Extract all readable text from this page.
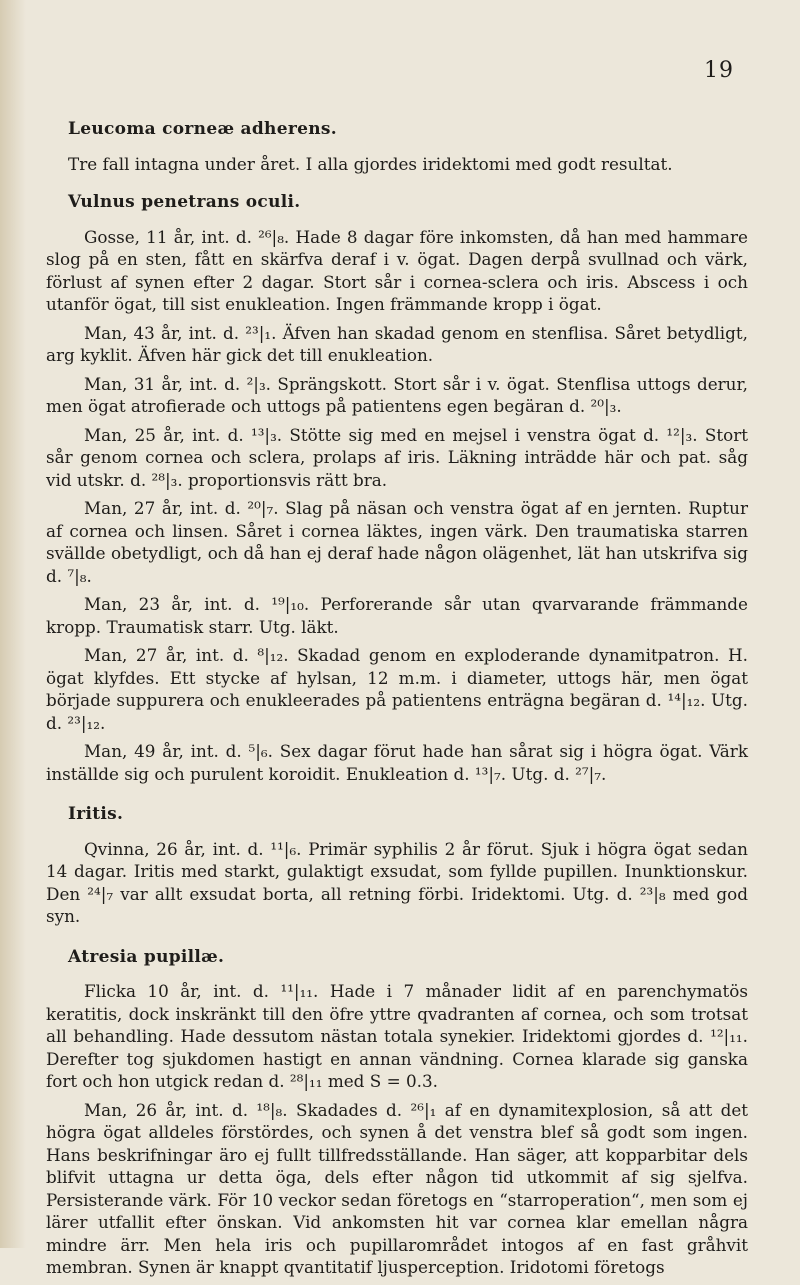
19
Leucoma corneæ adherens.

Tre fall intagna under året. I alla gjordes iridektomi med godt resultat.

Vulnus penetrans oculi.

Gosse, 11 år, int. d. ²⁶|₈. Hade 8 dagar före inkomsten, då han med hammare slog på en sten, fått en skärfva deraf i v. ögat. Dagen derpå svullnad och värk, förlust af synen efter 2 dagar. Stort sår i cornea-sclera och iris. Abscess i och utanför ögat, till sist enukleation. Ingen främmande kropp i ögat.

Man, 43 år, int. d. ²³|₁. Äfven han skadad genom en stenflisa. Såret betydligt, arg kyklit. Äfven här gick det till enukleation.

Man, 31 år, int. d. ²|₃. Sprängskott. Stort sår i v. ögat. Stenflisa uttogs derur, men ögat atrofierade och uttogs på patientens egen begäran d. ²⁰|₃.

Man, 25 år, int. d. ¹³|₃. Stötte sig med en mejsel i venstra ögat d. ¹²|₃. Stort sår genom cornea och sclera, prolaps af iris. Läkning inträdde här och pat. såg vid utskr. d. ²⁸|₃. proportionsvis rätt bra.

Man, 27 år, int. d. ²⁰|₇. Slag på näsan och venstra ögat af en jernten. Ruptur af cornea och linsen. Såret i cornea läktes, ingen värk. Den traumatiska starren svällde obetydligt, och då han ej deraf hade någon olägenhet, lät han utskrifva sig d. ⁷|₈.

Man, 23 år, int. d. ¹⁹|₁₀. Perforerande sår utan qvarvarande främmande kropp. Traumatisk starr. Utg. läkt.

Man, 27 år, int. d. ⁸|₁₂. Skadad genom en exploderande dynamitpatron. H. ögat klyfdes. Ett stycke af hylsan, 12 m.m. i diameter, uttogs här, men ögat började suppurera och enukleerades på patientens enträgna begäran d. ¹⁴|₁₂. Utg. d. ²³|₁₂.

Man, 49 år, int. d. ⁵|₆. Sex dagar förut hade han sårat sig i högra ögat. Värk inställde sig och purulent koroidit. Enukleation d. ¹³|₇. Utg. d. ²⁷|₇.

Iritis.

Qvinna, 26 år, int. d. ¹¹|₆. Primär syphilis 2 år förut. Sjuk i högra ögat sedan 14 dagar. Iritis med starkt, gulaktigt exsudat, som fyllde pupillen. Inunktionskur. Den ²⁴|₇ var allt exsudat borta, all retning förbi. Iridektomi. Utg. d. ²³|₈ med god syn.

Atresia pupillæ.

Flicka 10 år, int. d. ¹¹|₁₁. Hade i 7 månader lidit af en parenchymatös keratitis, dock inskränkt till den öfre yttre qvadranten af cornea, och som trotsat all behandling. Hade dessutom nästan totala synekier. Iridektomi gjordes d. ¹²|₁₁. Derefter tog sjukdomen hastigt en annan vändning. Cornea klarade sig ganska fort och hon utgick redan d. ²⁸|₁₁ med S = 0.3.

Man, 26 år, int. d. ¹⁸|₈. Skadades d. ²⁶|₁ af en dynamitexplosion, så att det högra ögat alldeles förstördes, och synen å det venstra blef så godt som ingen. Hans beskrifningar äro ej fullt tillfredsställande. Han säger, att kopparbitar dels blifvit uttagna ur detta öga, dels efter någon tid utkommit af sig sjelfva. Persisterande värk. För 10 veckor sedan företogs en “starroperation“, men som ej lärer utfallit efter önskan. Vid ankomsten hit var cornea klar emellan några mindre ärr. Men hela iris och pupillarområdet intogos af en fast gråhvit membran. Synen är knappt qvantitatif ljusperception. Iridotomi företogs
